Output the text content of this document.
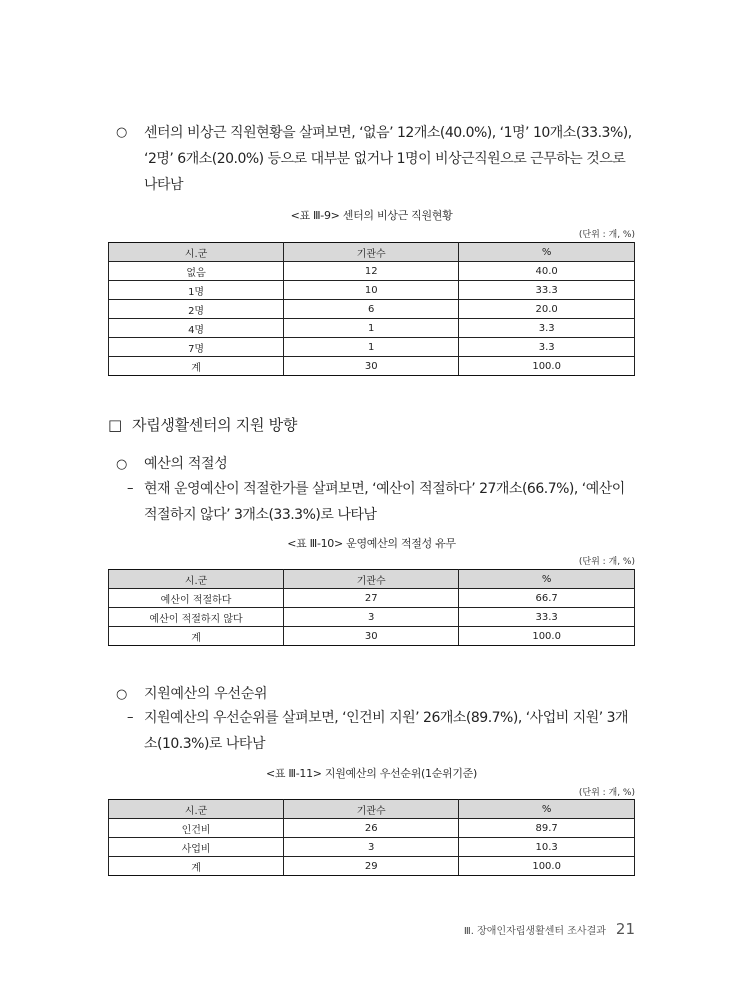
○	센터의 비상근 직원현황을 살펴보면, ‘없음’ 12개소(40.0%), ‘1명’ 10개소(33.3%), ‘2명’ 6개소(20.0%) 등으로 대부분 없거나 1명이 비상근직원으로 근무하는 것으로 나타남
<표 Ⅲ-9> 센터의 비상근 직원현황
(단위 : 개, %)
시.군	기관수	%
없음	12	40.0
1명	10	33.3
2명	6	20.0
4명	1	3.3
7명	1	3.3
계	30	100.0
□ 자립생활센터의 지원 방향
○ 예산의 적절성
– 현재 운영예산이 적절한가를 살펴보면, ‘예산이 적절하다’ 27개소(66.7%), ‘예산이 적절하지 않다’ 3개소(33.3%)로 나타남
<표 Ⅲ-10> 운영예산의 적절성 유무
(단위 : 개, %)
시.군	기관수	%
예산이 적절하다	27	66.7
예산이 적절하지 않다	3	33.3
계	30	100.0
○ 지원예산의 우선순위
– 지원예산의 우선순위를 살펴보면, ‘인건비 지원’ 26개소(89.7%), ‘사업비 지원’ 3개소(10.3%)로 나타남
<표 Ⅲ-11> 지원예산의 우선순위(1순위기준)
(단위 : 개, %)
시.군	기관수	%
인건비	26	89.7
사업비	3	10.3
계	29	100.0
Ⅲ. 장애인자립생활센터 조사결과 21
